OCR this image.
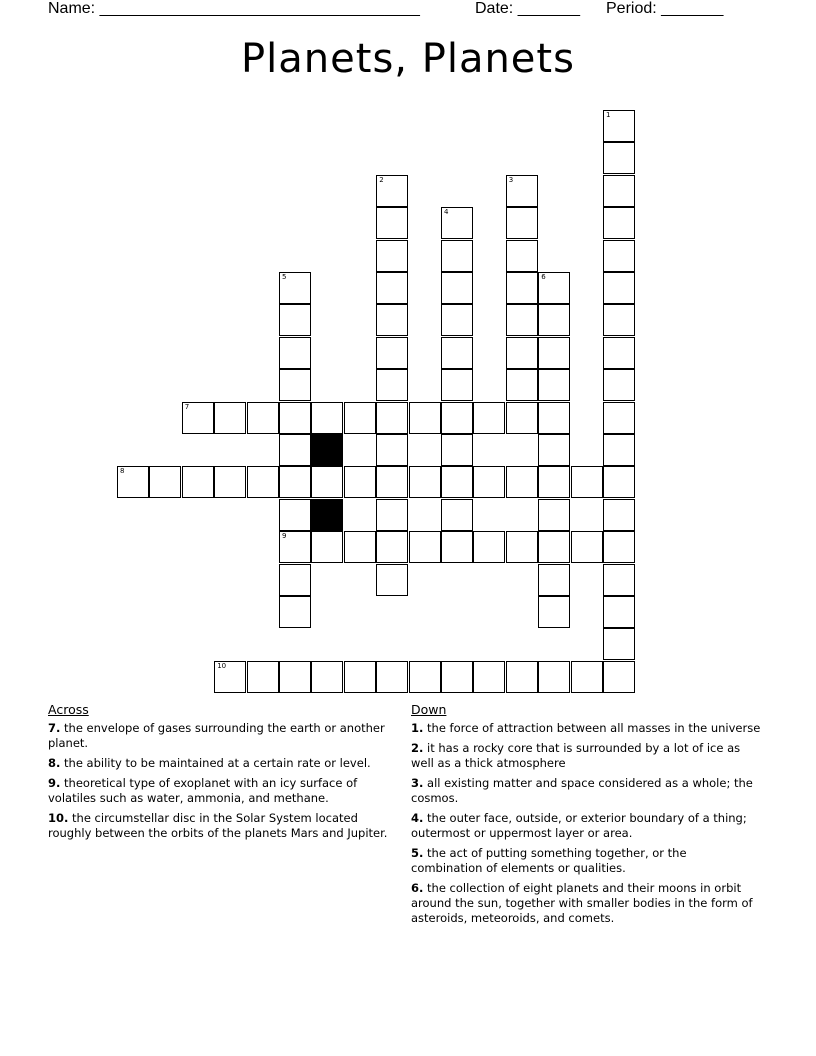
Name: ____________________________________	Date: _______ Period: _______
Planets, Planets
1
2	3
4
5
9
6
7
8
10
Across
7. the envelope of gases surrounding the earth or another planet.
8. the ability to be maintained at a certain rate or level.
9. theoretical type of exoplanet with an icy surface of volatiles such as water, ammonia, and methane.
10. the circumstellar disc in the Solar System located roughly between the orbits of the planets Mars and Jupiter.
Down
1. the force of attraction between all masses in the universe
2. it has a rocky core that is surrounded by a lot of ice as well as a thick atmosphere
3. all existing matter and space considered as a whole; the cosmos.
4. the outer face, outside, or exterior boundary of a thing; outermost or uppermost layer or area.
5. the act of putting something together, or the combination of elements or qualities.
6. the collection of eight planets and their moons in orbit around the sun, together with smaller bodies in the form of asteroids, meteoroids, and comets.
